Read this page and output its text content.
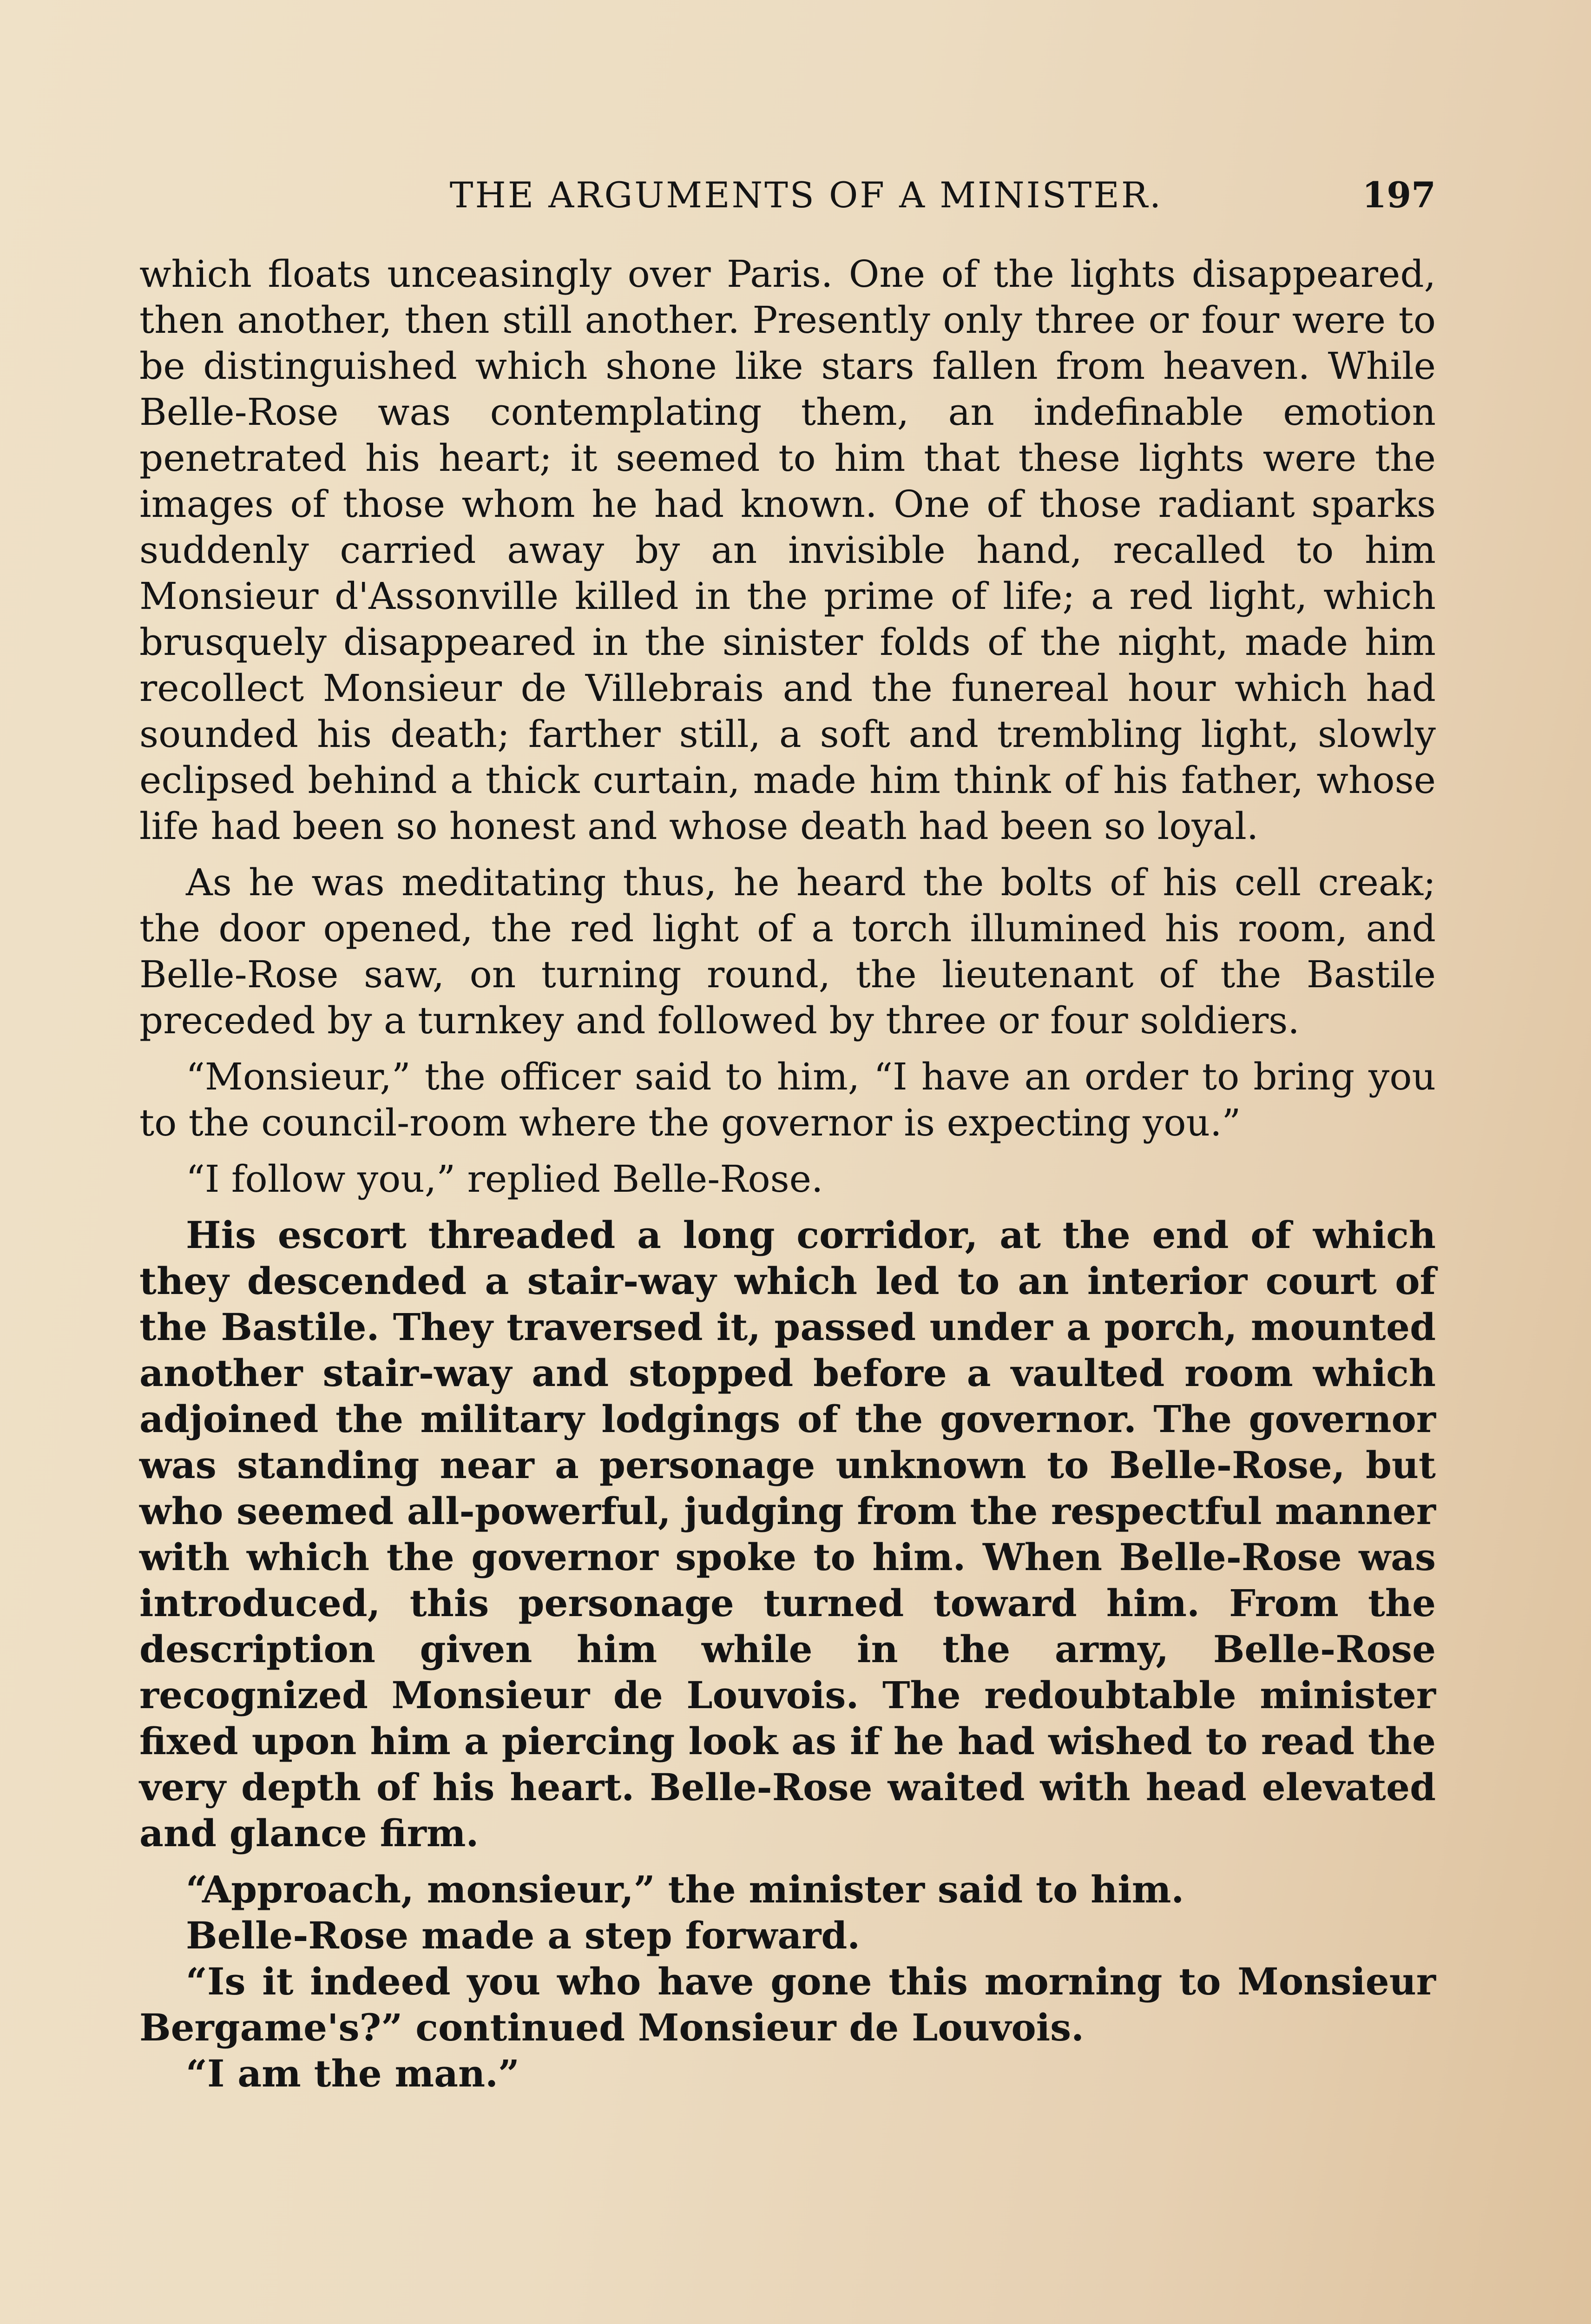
THE ARGUMENTS OF A MINISTER.	197

which floats unceasingly over Paris. One of the lights disappeared, then another, then still another. Presently only three or four were to be distinguished which shone like stars fallen from heaven. While Belle-Rose was contemplating them, an indefinable emotion penetrated his heart; it seemed to him that these lights were the images of those whom he had known. One of those radiant sparks suddenly carried away by an invisible hand, recalled to him Monsieur d'Assonville killed in the prime of life; a red light, which brusquely disappeared in the sinister folds of the night, made him recollect Monsieur de Villebrais and the funereal hour which had sounded his death; farther still, a soft and trembling light, slowly eclipsed behind a thick curtain, made him think of his father, whose life had been so honest and whose death had been so loyal.

As he was meditating thus, he heard the bolts of his cell creak; the door opened, the red light of a torch illumined his room, and Belle-Rose saw, on turning round, the lieutenant of the Bastile preceded by a turnkey and followed by three or four soldiers.

“Monsieur,” the officer said to him, “I have an order to bring you to the council-room where the governor is expecting you.”

“I follow you,” replied Belle-Rose.

His escort threaded a long corridor, at the end of which they descended a stair-way which led to an interior court of the Bastile. They traversed it, passed under a porch, mounted another stair-way and stopped before a vaulted room which adjoined the military lodgings of the governor. The governor was standing near a personage unknown to Belle-Rose, but who seemed all-powerful, judging from the respectful manner with which the governor spoke to him. When Belle-Rose was introduced, this personage turned toward him. From the description given him while in the army, Belle-Rose recognized Monsieur de Louvois. The redoubtable minister fixed upon him a piercing look as if he had wished to read the very depth of his heart. Belle-Rose waited with head elevated and glance firm.

“Approach, monsieur,” the minister said to him.

Belle-Rose made a step forward.

“Is it indeed you who have gone this morning to Monsieur Bergame's?” continued Monsieur de Louvois.

“I am the man.”
